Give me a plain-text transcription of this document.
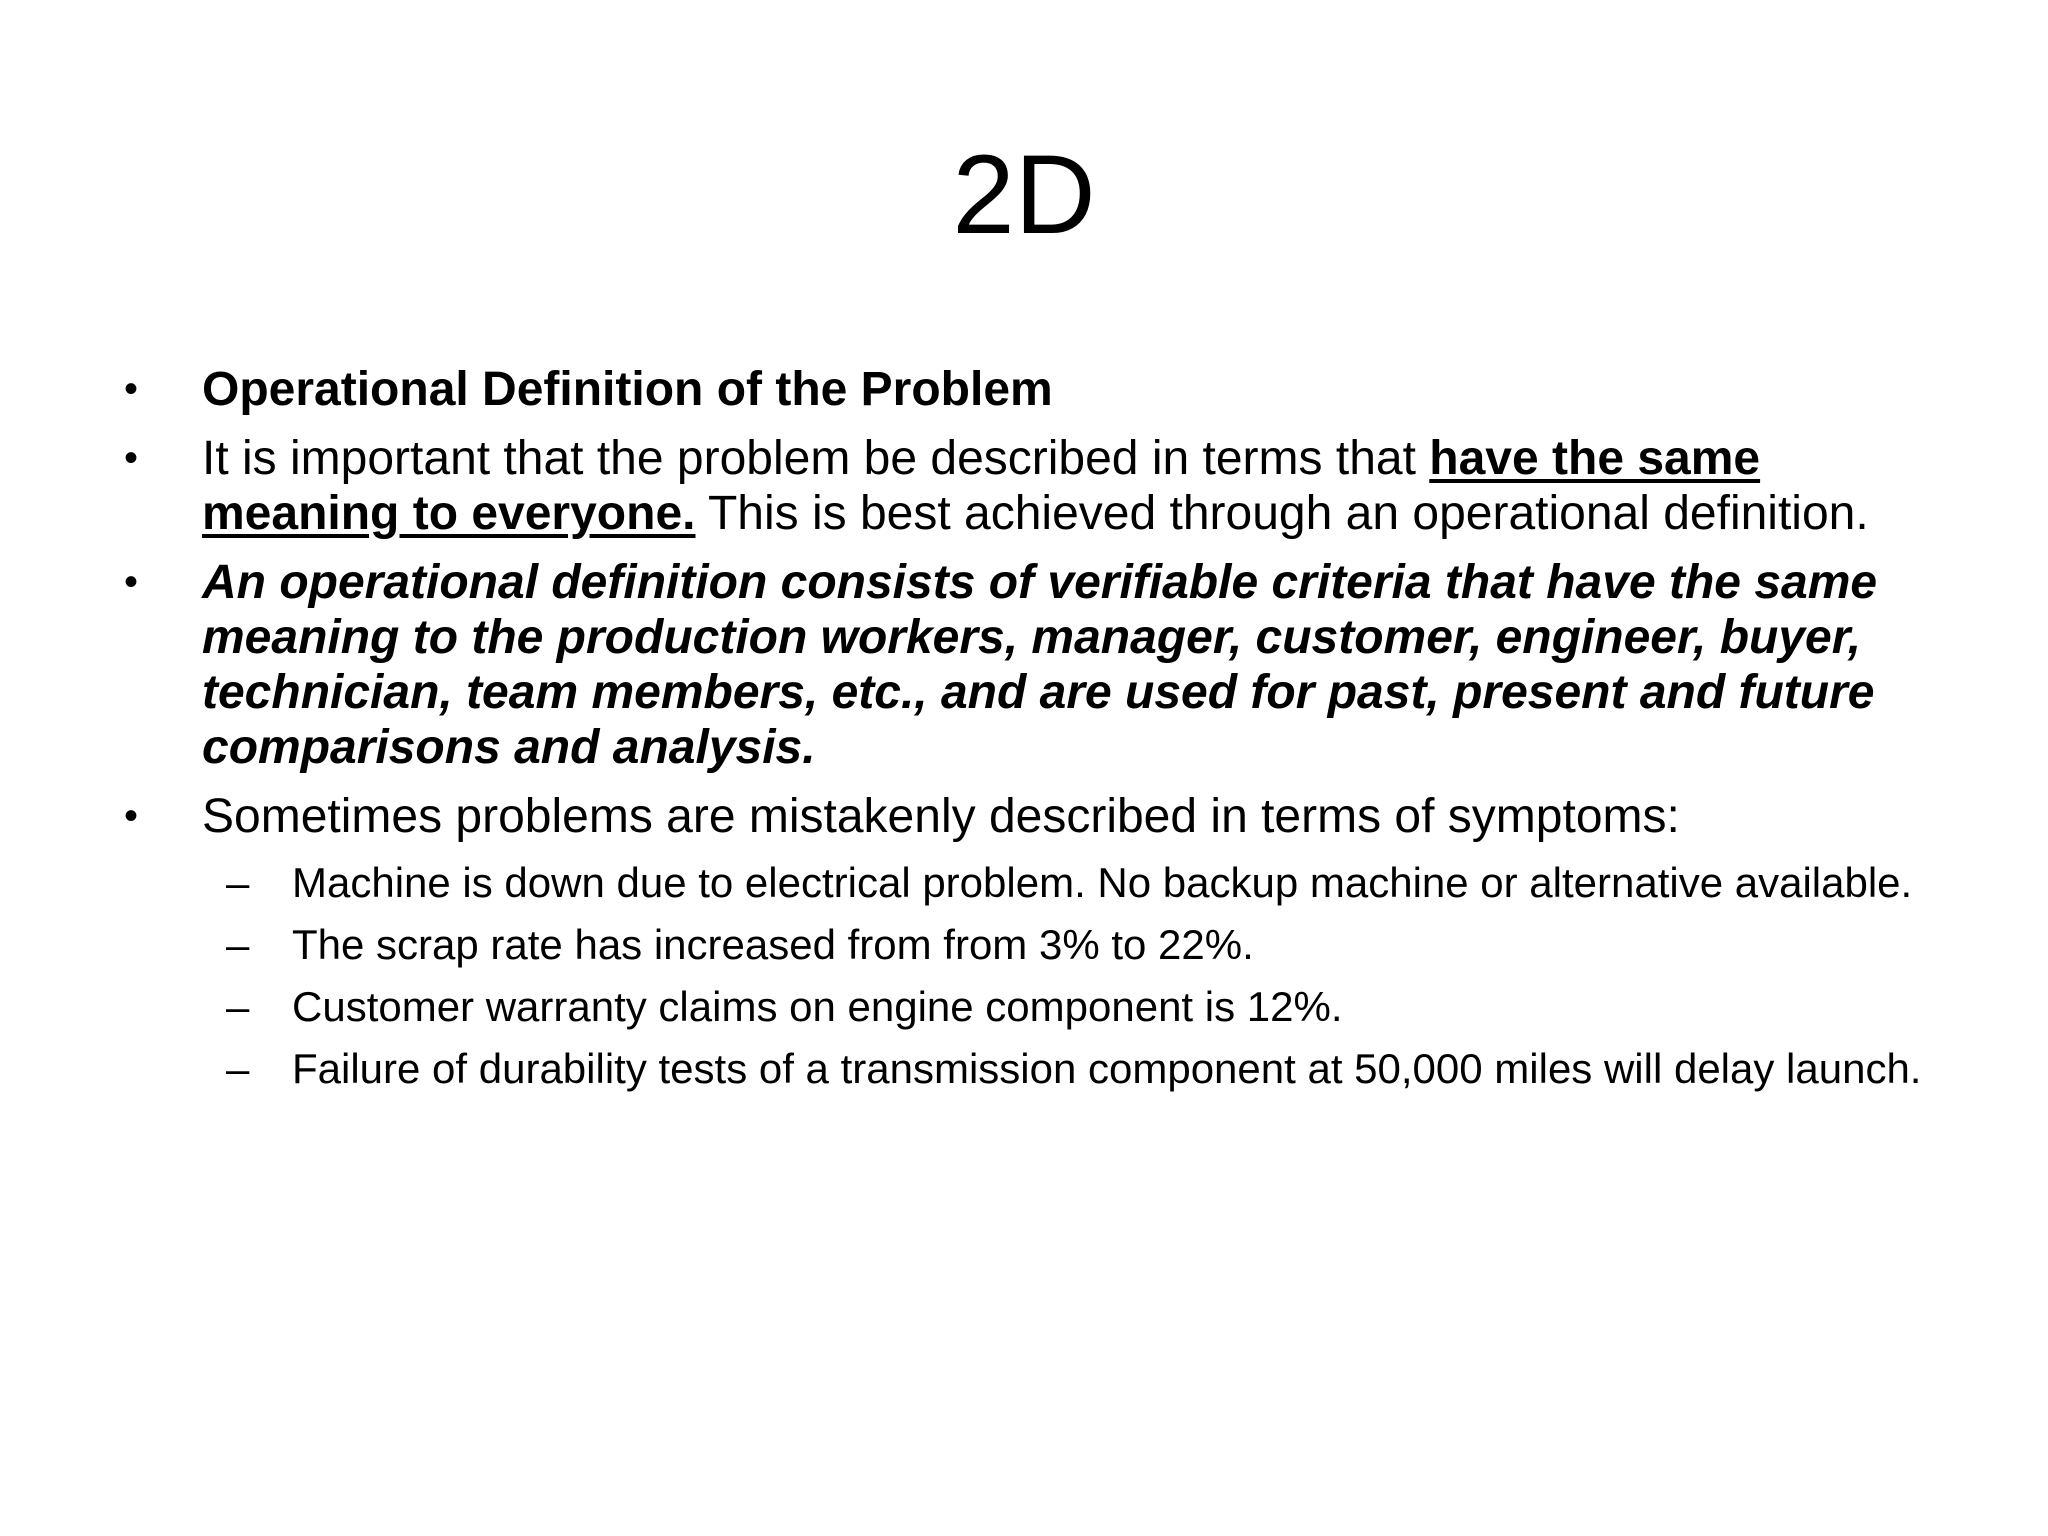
2D
• Operational Definition of the Problem
• It is important that the problem be described in terms that have the same meaning to everyone. This is best achieved through an operational definition.
• An operational definition consists of verifiable criteria that have the same meaning to the production workers, manager, customer, engineer, buyer, technician, team members, etc., and are used for past, present and future comparisons and analysis.
• Sometimes problems are mistakenly described in terms of symptoms:
– Machine is down due to electrical problem. No backup machine or alternative available.
– The scrap rate has increased from from 3% to 22%.
– Customer warranty claims on engine component is 12%.
– Failure of durability tests of a transmission component at 50,000 miles will delay launch.
